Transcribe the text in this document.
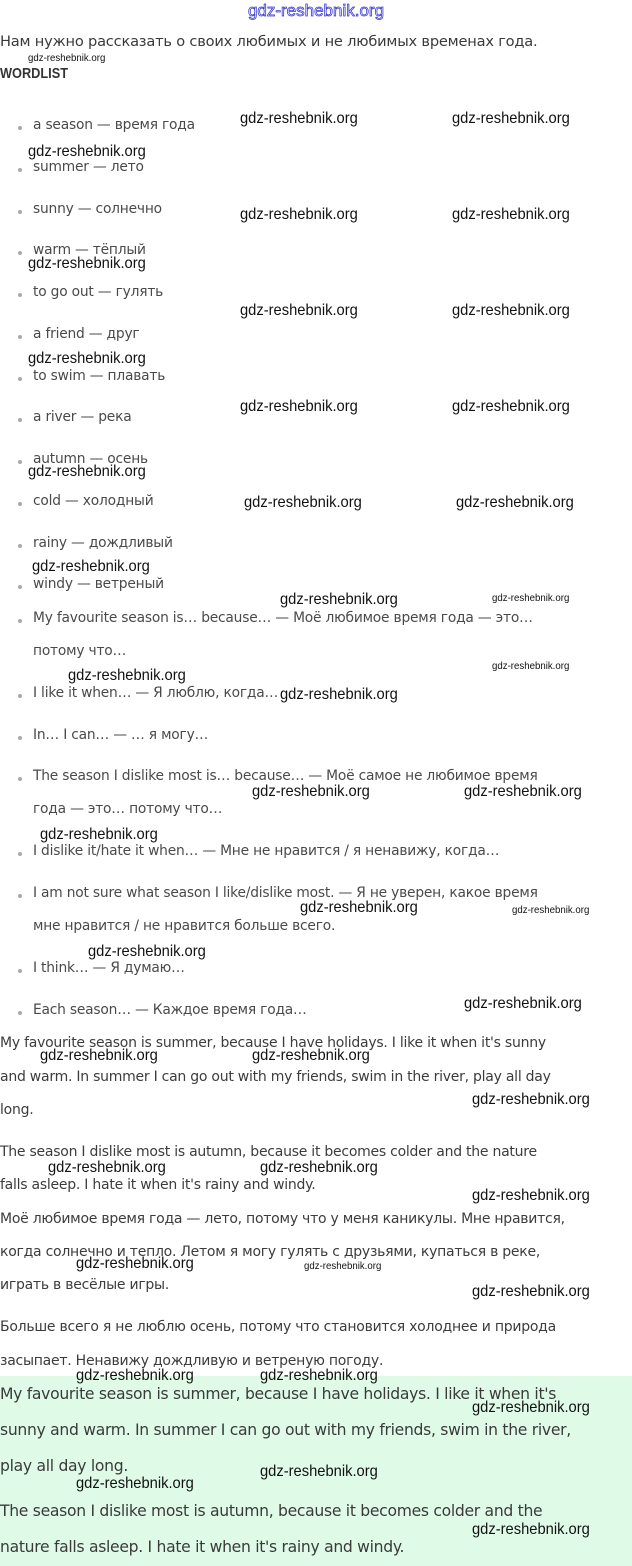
gdz-reshebnik.org
Нам нужно рассказать о своих любимых и не любимых временах года.
WORDLIST
a season — время года
summer — лето
sunny — солнечно
warm — тёплый
to go out — гулять
a friend — друг
to swim — плавать
a river — река
autumn — осень
cold — холодный
rainy — дождливый
windy — ветреный
My favourite season is… because… — Моё любимое время года — это…
потому что…
I like it when… — Я люблю, когда…
In… I can… — … я могу…
The season I dislike most is… because… — Моё самое не любимое время
года — это… потому что…
I dislike it/hate it when… — Мне не нравится / я ненавижу, когда…
I am not sure what season I like/dislike most. — Я не уверен, какое время
мне нравится / не нравится больше всего.
I think… — Я думаю…
Each season… — Каждое время года…
My favourite season is summer, because I have holidays. I like it when it's sunny
and warm. In summer I can go out with my friends, swim in the river, play all day
long.
The season I dislike most is autumn, because it becomes colder and the nature
falls asleep. I hate it when it's rainy and windy.
Моё любимое время года — лето, потому что у меня каникулы. Мне нравится,
когда солнечно и тепло. Летом я могу гулять с друзьями, купаться в реке,
играть в весёлые игры.
Больше всего я не люблю осень, потому что становится холоднее и природа
засыпает. Ненавижу дождливую и ветреную погоду.
My favourite season is summer, because I have holidays. I like it when it's
sunny and warm. In summer I can go out with my friends, swim in the river,
play all day long.
The season I dislike most is autumn, because it becomes colder and the
nature falls asleep. I hate it when it's rainy and windy.
gdz-reshebnik.org
gdz-reshebnik.org	gdz-reshebnik.org
gdz-reshebnik.org
gdz-reshebnik.org	gdz-reshebnik.org
gdz-reshebnik.org
gdz-reshebnik.org	gdz-reshebnik.org
gdz-reshebnik.org
gdz-reshebnik.org	gdz-reshebnik.org
gdz-reshebnik.org
gdz-reshebnik.org	gdz-reshebnik.org
gdz-reshebnik.org
gdz-reshebnik.org	gdz-reshebnik.org
gdz-reshebnik.org
gdz-reshebnik.org
gdz-reshebnik.org
gdz-reshebnik.org	gdz-reshebnik.org
gdz-reshebnik.org
gdz-reshebnik.org	gdz-reshebnik.org
gdz-reshebnik.org
gdz-reshebnik.org
gdz-reshebnik.org	gdz-reshebnik.org
gdz-reshebnik.org
gdz-reshebnik.org	gdz-reshebnik.org
gdz-reshebnik.org
gdz-reshebnik.org	gdz-reshebnik.org
gdz-reshebnik.org
gdz-reshebnik.org	gdz-reshebnik.org
gdz-reshebnik.org
gdz-reshebnik.org
gdz-reshebnik.org
gdz-reshebnik.org
